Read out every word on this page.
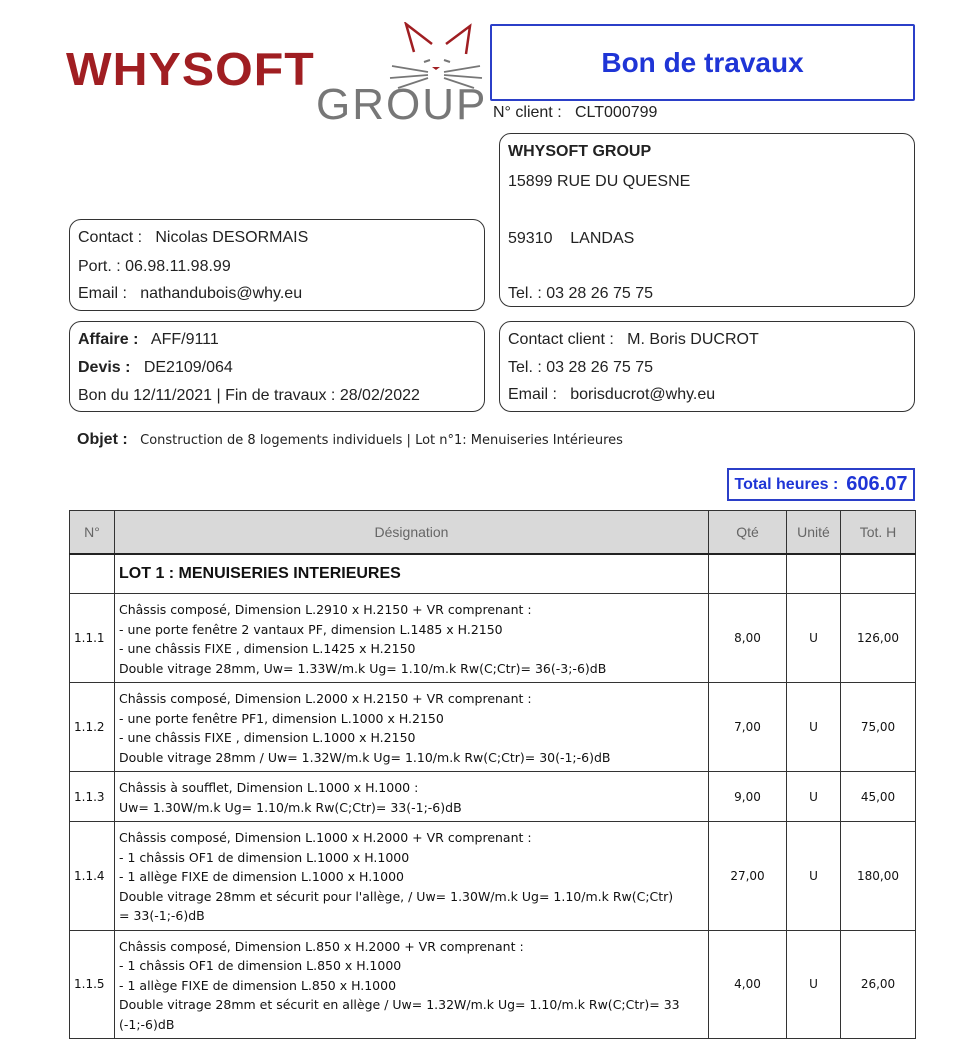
WHYSOFT
GROUP
Bon de travaux
N° client : CLT000799
WHYSOFT GROUP
15899 RUE DU QUESNE
59310 LANDAS
Tel. : 03 28 26 75 75
Contact : Nicolas DESORMAIS
Port. : 06.98.11.98.99
Email : nathandubois@why.eu
Affaire : AFF/9111
Devis : DE2109/064
Bon du 12/11/2021 | Fin de travaux : 28/02/2022
Contact client : M. Boris DUCROT
Tel. : 03 28 26 75 75
Email : borisducrot@why.eu
Objet : Construction de 8 logements individuels | Lot n°1: Menuiseries Intérieures
Total heures : 606.07
N°	Désignation	Qté	Unité	Tot. H
	LOT 1 : MENUISERIES INTERIEURES			
1.1.1	Châssis composé, Dimension L.2910 x H.2150 + VR comprenant :
- une porte fenêtre 2 vantaux PF, dimension L.1485 x H.2150
- une châssis FIXE , dimension L.1425 x H.2150
Double vitrage 28mm, Uw= 1.33W/m.k Ug= 1.10/m.k Rw(C;Ctr)= 36(-3;-6)dB	8,00	U	126,00
1.1.2	Châssis composé, Dimension L.2000 x H.2150 + VR comprenant :
- une porte fenêtre PF1, dimension L.1000 x H.2150
- une châssis FIXE , dimension L.1000 x H.2150
Double vitrage 28mm / Uw= 1.32W/m.k Ug= 1.10/m.k Rw(C;Ctr)= 30(-1;-6)dB	7,00	U	75,00
1.1.3	Châssis à soufflet, Dimension L.1000 x H.1000 :
Uw= 1.30W/m.k Ug= 1.10/m.k Rw(C;Ctr)= 33(-1;-6)dB	9,00	U	45,00
1.1.4	Châssis composé, Dimension L.1000 x H.2000 + VR comprenant :
- 1 châssis OF1 de dimension L.1000 x H.1000
- 1 allège FIXE de dimension L.1000 x H.1000
Double vitrage 28mm et sécurit pour l'allège, / Uw= 1.30W/m.k Ug= 1.10/m.k Rw(C;Ctr)
= 33(-1;-6)dB	27,00	U	180,00
1.1.5	Châssis composé, Dimension L.850 x H.2000 + VR comprenant :
- 1 châssis OF1 de dimension L.850 x H.1000
- 1 allège FIXE de dimension L.850 x H.1000
Double vitrage 28mm et sécurit en allège / Uw= 1.32W/m.k Ug= 1.10/m.k Rw(C;Ctr)= 33
(-1;-6)dB	4,00	U	26,00
